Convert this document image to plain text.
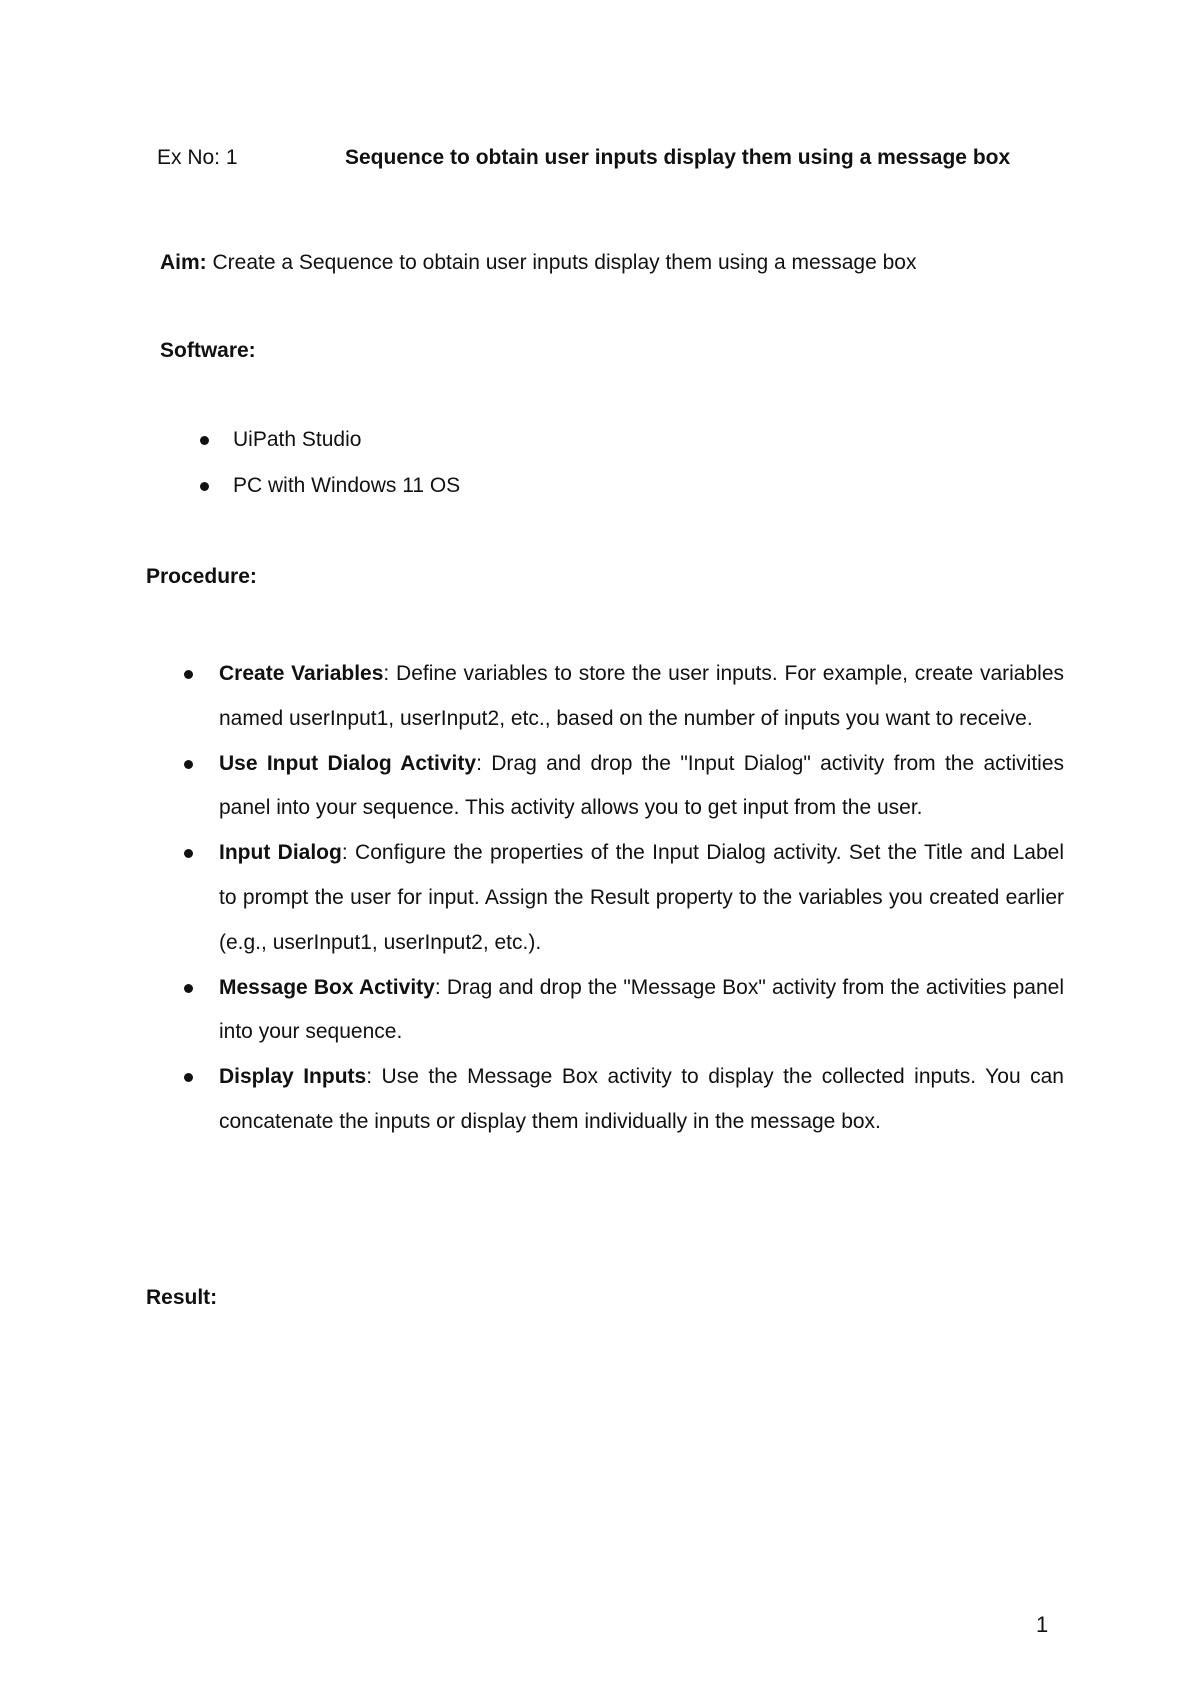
Ex No: 1	Sequence to obtain user inputs display them using a message box
Aim: Create a Sequence to obtain user inputs display them using a message box
Software:
UiPath Studio
PC with Windows 11 OS
Procedure:
Create Variables: Define variables to store the user inputs. For example, create variables named userInput1, userInput2, etc., based on the number of inputs you want to receive.
Use Input Dialog Activity: Drag and drop the "Input Dialog" activity from the activities panel into your sequence. This activity allows you to get input from the user.
Input Dialog: Configure the properties of the Input Dialog activity. Set the Title and Label to prompt the user for input. Assign the Result property to the variables you created earlier (e.g., userInput1, userInput2, etc.).
Message Box Activity: Drag and drop the "Message Box" activity from the activities panel into your sequence.
Display Inputs: Use the Message Box activity to display the collected inputs. You can concatenate the inputs or display them individually in the message box.
Result:
1
